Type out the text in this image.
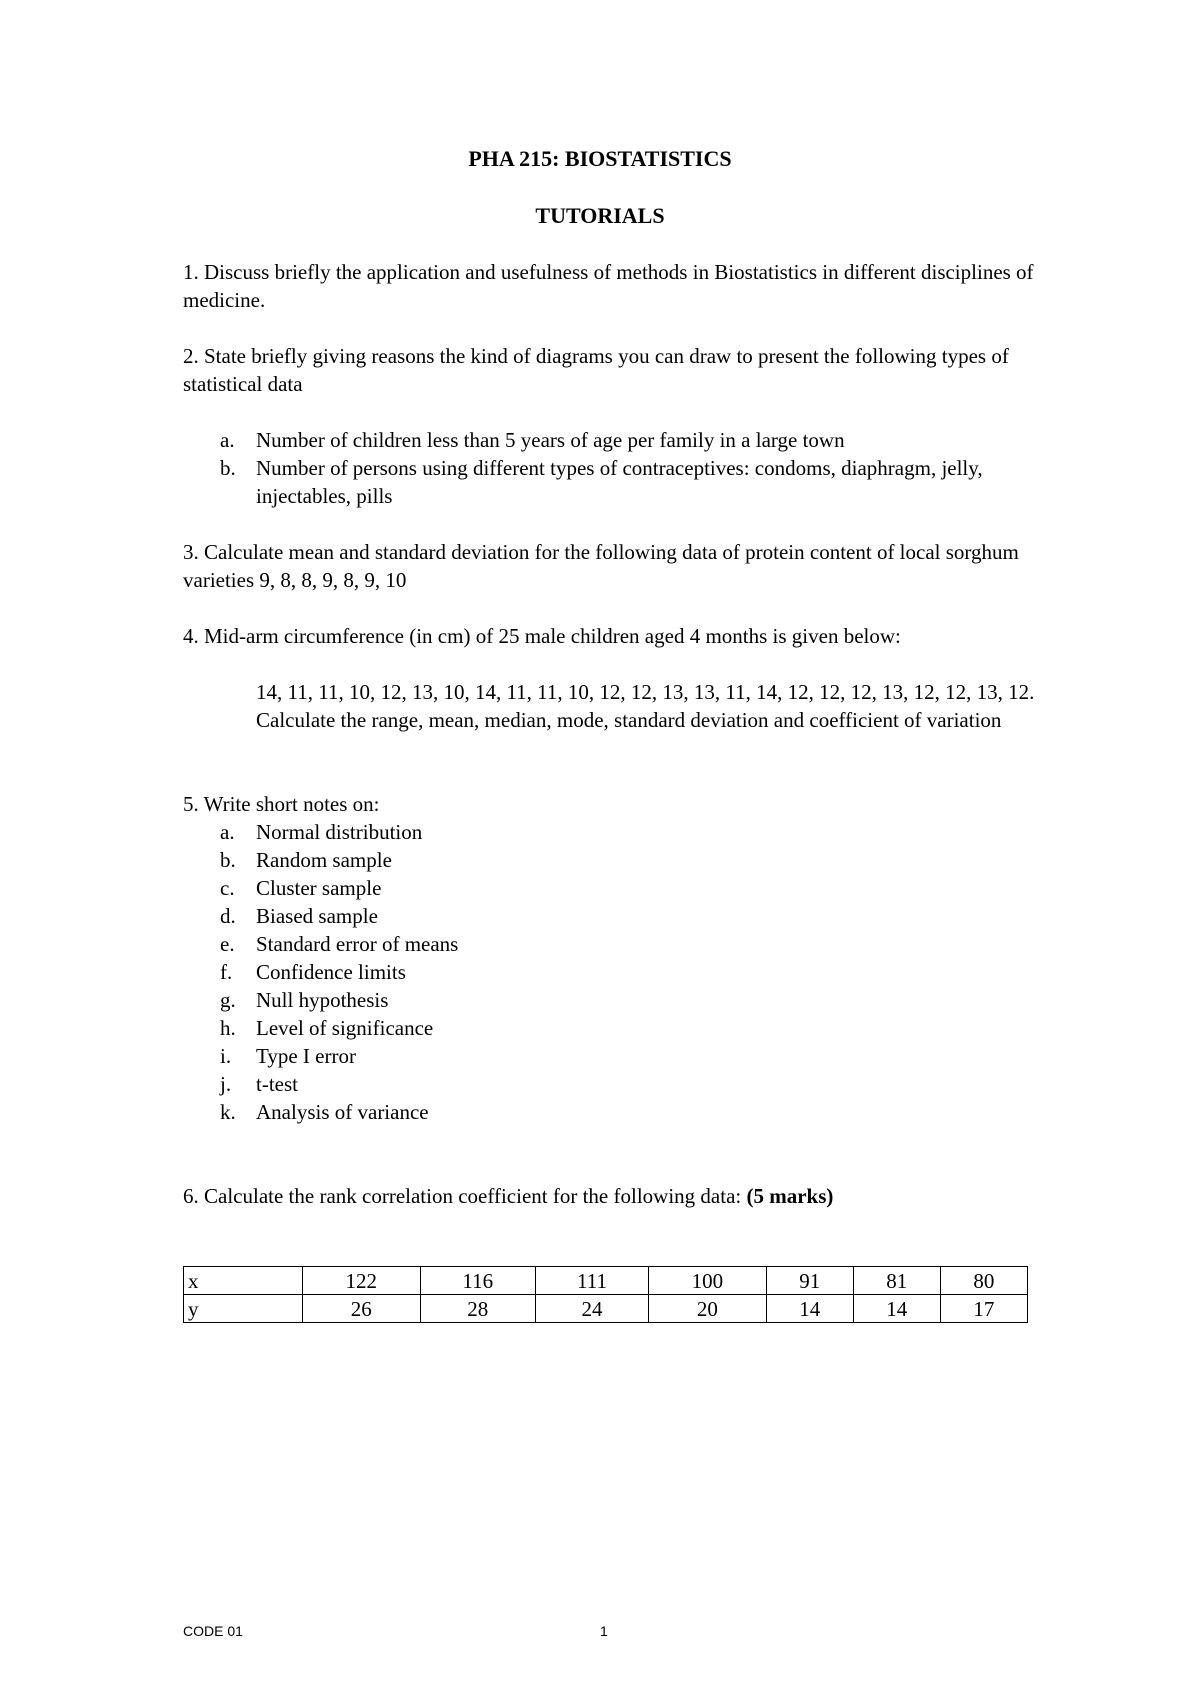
PHA 215: BIOSTATISTICS
TUTORIALS

1. Discuss briefly the application and usefulness of methods in Biostatistics in different disciplines of medicine.

2. State briefly giving reasons the kind of diagrams you can draw to present the following types of statistical data

a. Number of children less than 5 years of age per family in a large town
b. Number of persons using different types of contraceptives: condoms, diaphragm, jelly, injectables, pills

3. Calculate mean and standard deviation for the following data of protein content of local sorghum varieties 9, 8, 8, 9, 8, 9, 10

4. Mid-arm circumference (in cm) of 25 male children aged 4 months is given below:

14, 11, 11, 10, 12, 13, 10, 14, 11, 11, 10, 12, 12, 13, 13, 11, 14, 12, 12, 12, 13, 12, 12, 13, 12. Calculate the range, mean, median, mode, standard deviation and coefficient of variation

5. Write short notes on:

a. Normal distribution
b. Random sample
c. Cluster sample
d. Biased sample
e. Standard error of means
f. Confidence limits
g. Null hypothesis
h. Level of significance
i. Type I error
j. t-test
k. Analysis of variance

6. Calculate the rank correlation coefficient for the following data: (5 marks)

x	122	116	111	100	91	81	80
y	26	28	24	20	14	14	17
CODE 01	1
